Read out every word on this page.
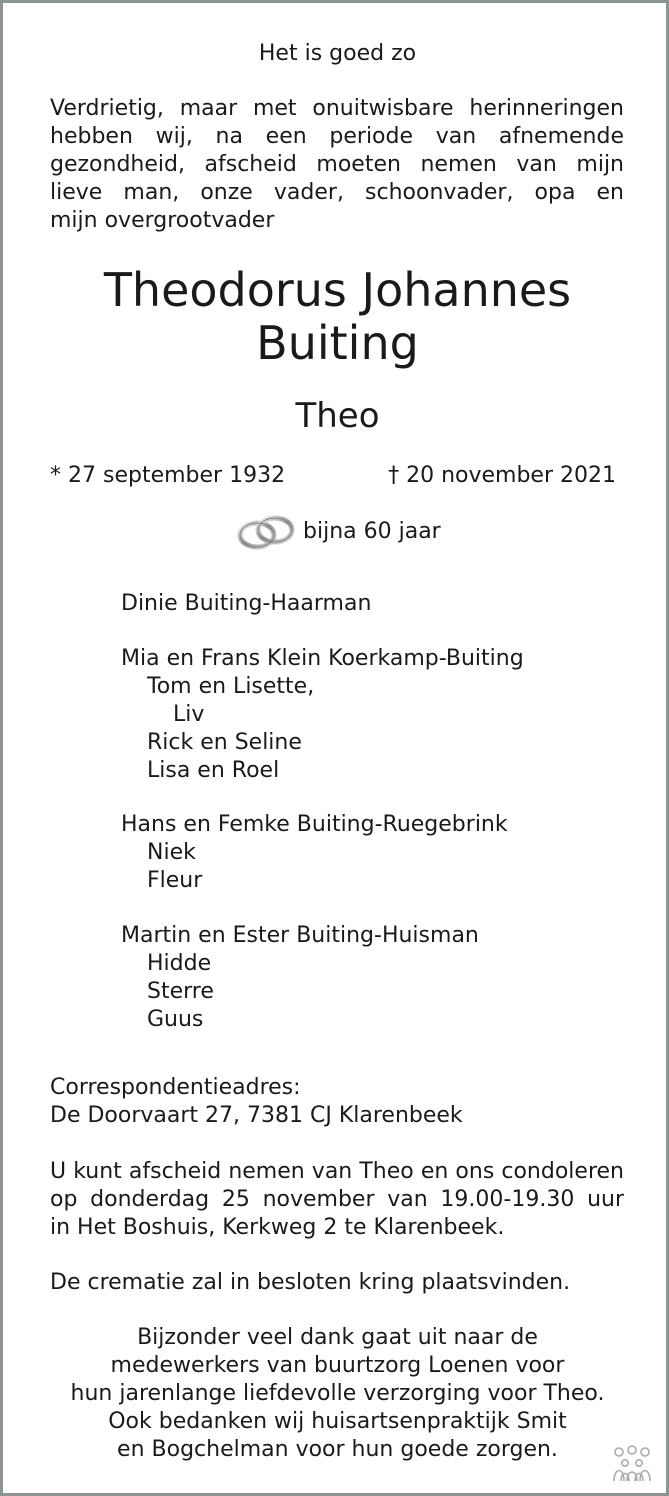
Het is goed zo
Verdrietig, maar met onuitwisbare herinneringen
hebben wij, na een periode van afnemende
gezondheid, afscheid moeten nemen van mijn
lieve man, onze vader, schoonvader, opa en
mijn overgrootvader
Theodorus Johannes
Buiting
Theo
* 27 september 1932	† 20 november 2021
bijna 60 jaar
Dinie Buiting-Haarman
Mia en Frans Klein Koerkamp-Buiting
Tom en Lisette,
Liv
Rick en Seline
Lisa en Roel
Hans en Femke Buiting-Ruegebrink
Niek
Fleur
Martin en Ester Buiting-Huisman
Hidde
Sterre
Guus
Correspondentieadres:
De Doorvaart 27, 7381 CJ Klarenbeek
U kunt afscheid nemen van Theo en ons condoleren
op donderdag 25 november van 19.00-19.30 uur
in Het Boshuis, Kerkweg 2 te Klarenbeek.
De crematie zal in besloten kring plaatsvinden.
Bijzonder veel dank gaat uit naar de
medewerkers van buurtzorg Loenen voor
hun jarenlange liefdevolle verzorging voor Theo.
Ook bedanken wij huisartsenpraktijk Smit
en Bogchelman voor hun goede zorgen.
